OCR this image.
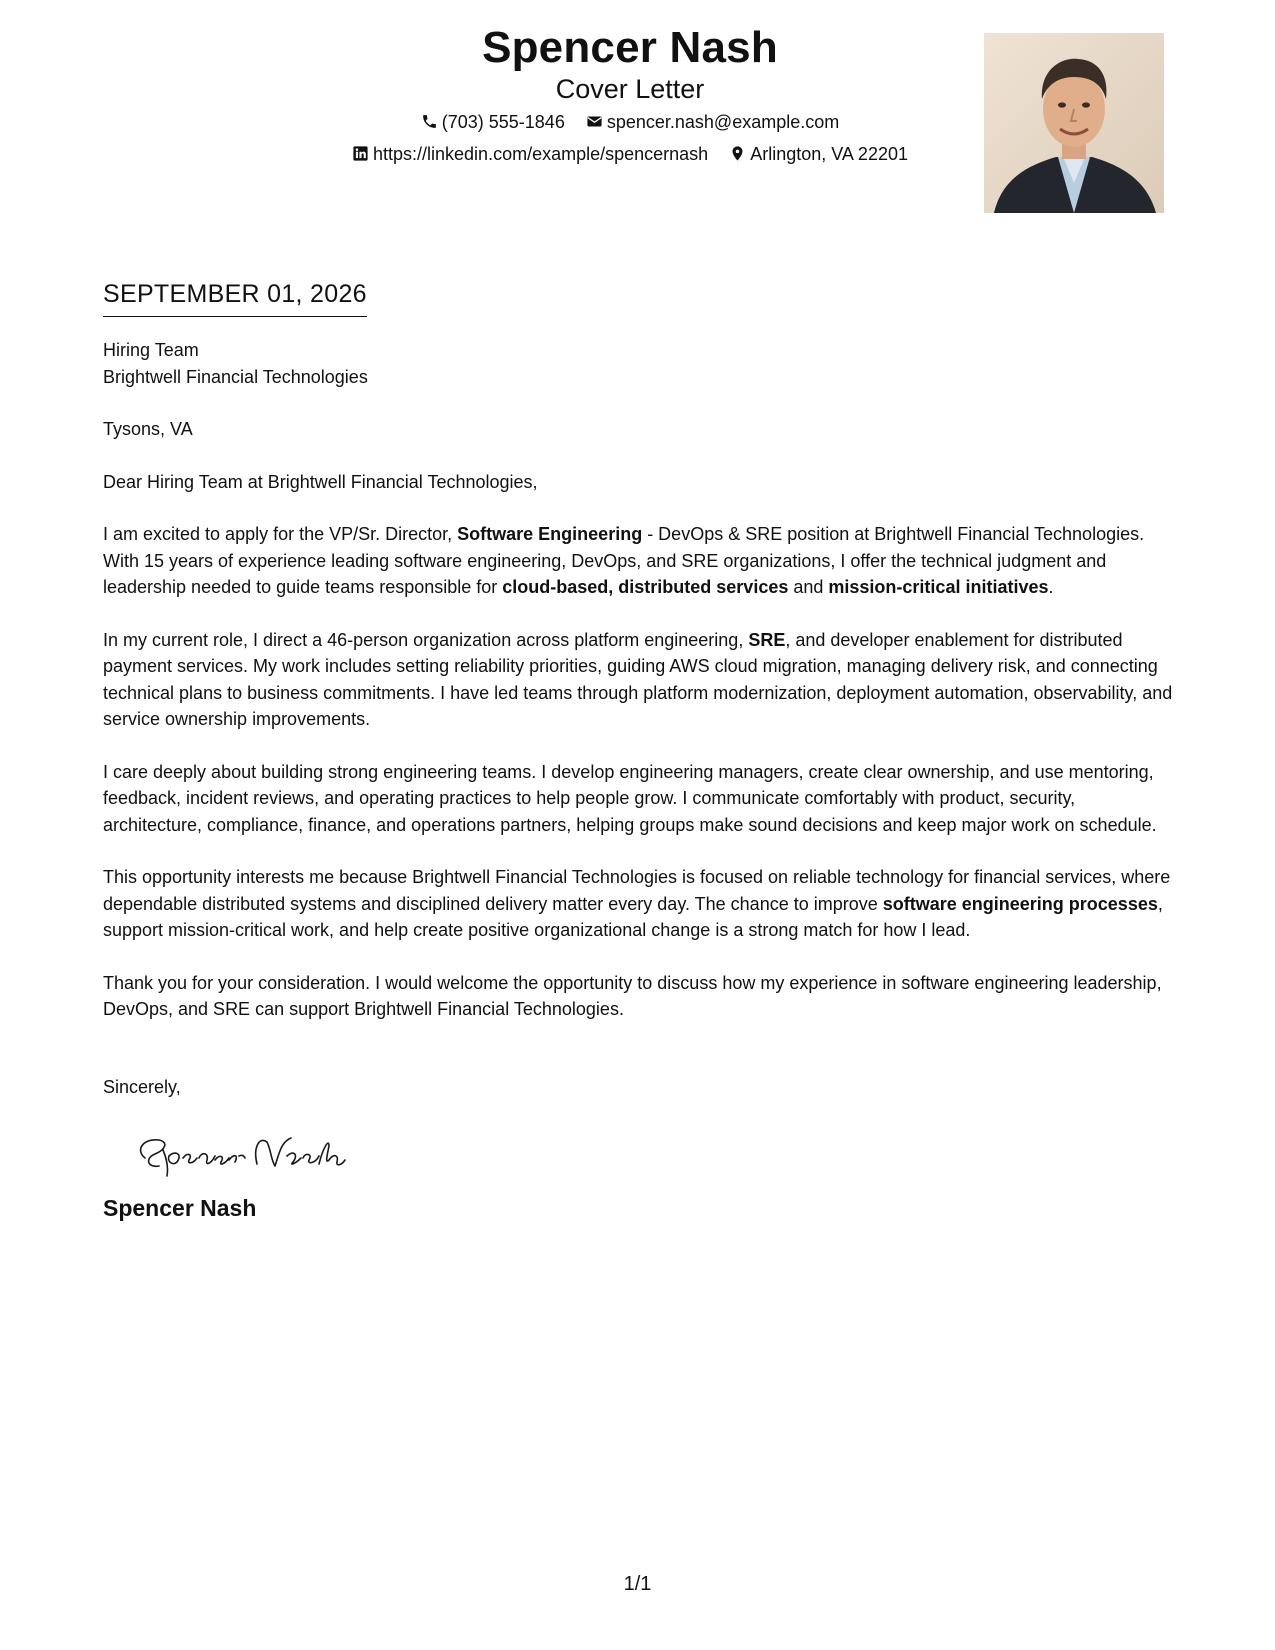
Spencer Nash
Cover Letter
(703) 555-1846 spencer.nash@example.com
https://linkedin.com/example/spencernash Arlington, VA 22201
SEPTEMBER 01, 2026
Hiring Team
Brightwell Financial Technologies
Tysons, VA

Dear Hiring Team at Brightwell Financial Technologies,

I am excited to apply for the VP/Sr. Director, Software Engineering - DevOps & SRE position at Brightwell Financial Technologies. With 15 years of experience leading software engineering, DevOps, and SRE organizations, I offer the technical judgment and leadership needed to guide teams responsible for cloud-based, distributed services and mission-critical initiatives.

In my current role, I direct a 46-person organization across platform engineering, SRE, and developer enablement for distributed payment services. My work includes setting reliability priorities, guiding AWS cloud migration, managing delivery risk, and connecting technical plans to business commitments. I have led teams through platform modernization, deployment automation, observability, and service ownership improvements.

I care deeply about building strong engineering teams. I develop engineering managers, create clear ownership, and use mentoring, feedback, incident reviews, and operating practices to help people grow. I communicate comfortably with product, security, architecture, compliance, finance, and operations partners, helping groups make sound decisions and keep major work on schedule.

This opportunity interests me because Brightwell Financial Technologies is focused on reliable technology for financial services, where dependable distributed systems and disciplined delivery matter every day. The chance to improve software engineering processes, support mission-critical work, and help create positive organizational change is a strong match for how I lead.

Thank you for your consideration. I would welcome the opportunity to discuss how my experience in software engineering leadership, DevOps, and SRE can support Brightwell Financial Technologies.

Sincerely,
Spencer Nash
1/1
